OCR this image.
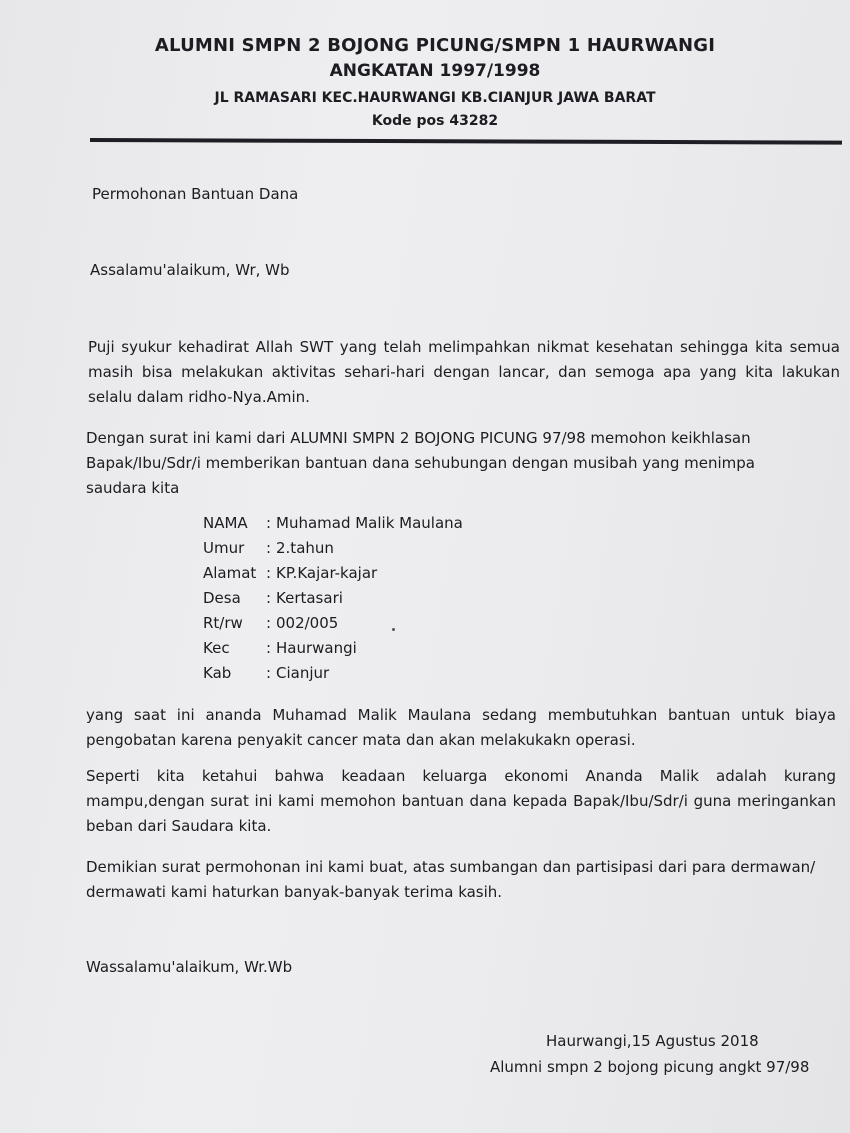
ALUMNI SMPN 2 BOJONG PICUNG/SMPN 1 HAURWANGI
ANGKATAN 1997/1998
JL RAMASARI KEC.HAURWANGI KB.CIANJUR JAWA BARAT
Kode pos 43282
Permohonan Bantuan Dana
Assalamu'alaikum, Wr, Wb
Puji syukur kehadirat Allah SWT yang telah melimpahkan nikmat kesehatan sehingga kita semua masih bisa melakukan aktivitas sehari-hari dengan lancar, dan semoga apa yang kita lakukan selalu dalam ridho-Nya.Amin.
Dengan surat ini kami dari ALUMNI SMPN 2 BOJONG PICUNG 97/98 memohon keikhlasan Bapak/Ibu/Sdr/i memberikan bantuan dana sehubungan dengan musibah yang menimpa saudara kita
NAMA	: Muhamad Malik Maulana
Umur	: 2.tahun
Alamat : KP.Kajar-kajar
Desa	: Kertasari
Rt/rw	: 002/005
Kec	: Haurwangi
Kab	: Cianjur
yang saat ini ananda Muhamad Malik Maulana sedang membutuhkan bantuan untuk biaya pengobatan karena penyakit cancer mata dan akan melakukakn operasi.
Seperti kita ketahui bahwa keadaan keluarga ekonomi Ananda Malik adalah kurang mampu,dengan surat ini kami memohon bantuan dana kepada Bapak/Ibu/Sdr/i guna meringankan beban dari Saudara kita.
Demikian surat permohonan ini kami buat, atas sumbangan dan partisipasi dari para dermawan/ dermawati kami haturkan banyak-banyak terima kasih.
Wassalamu'alaikum, Wr.Wb
Haurwangi,15 Agustus 2018
Alumni smpn 2 bojong picung angkt 97/98
